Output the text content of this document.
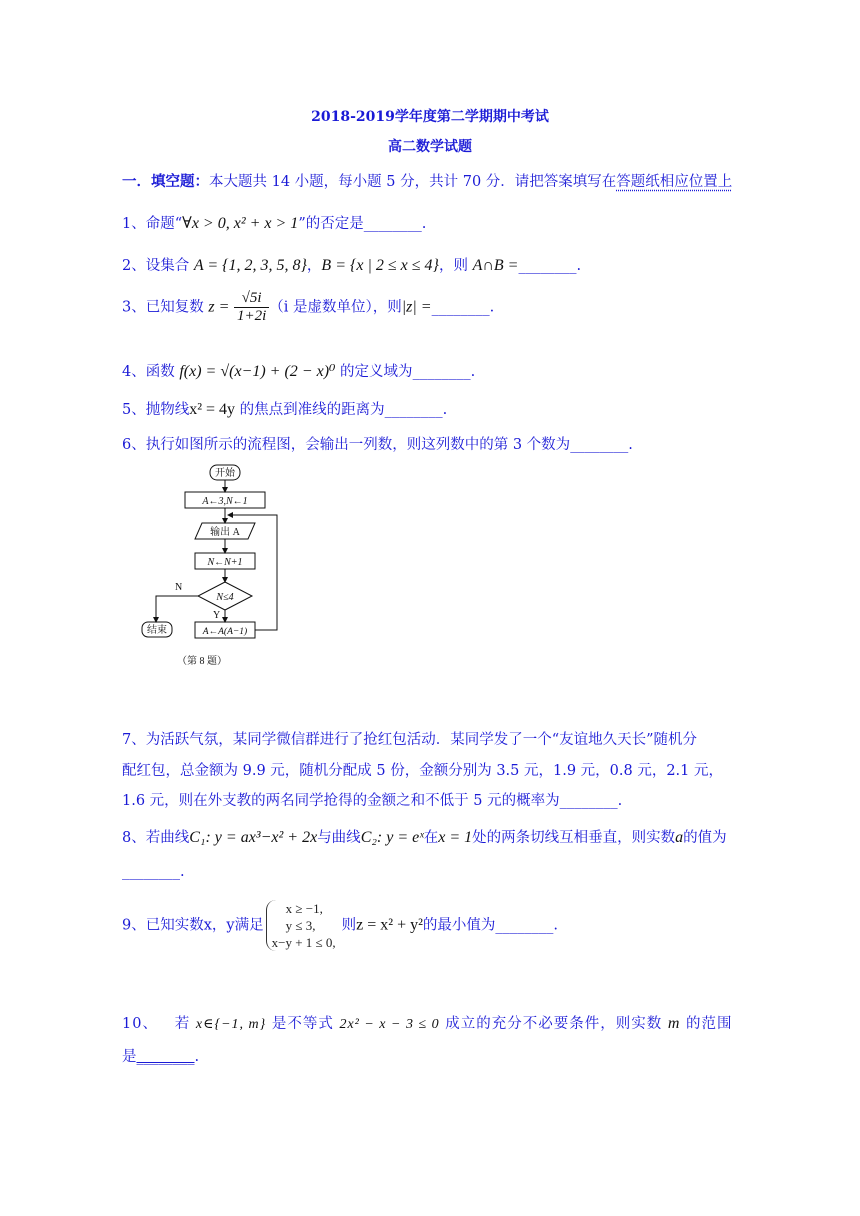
2018-2019学年度第二学期期中考试
高二数学试题
一．填空题：本大题共 14 小题，每小题 5 分，共计 70 分．请把答案填写在答题纸相应位置上
1、命题“∀x > 0, x² + x > 1”的否定是________.
2、设集合 A = {1, 2, 3, 5, 8}，B = {x | 2 ≤ x ≤ 4}，则 A∩B =________.
3、已知复数 $z = \frac{√5i}{1+2i} (i$ 是虚数单位），则|z| =________.
4、函数 f(x) = √(x−1) + (2 − x)⁰ 的定义域为________.
5、抛物线x² = 4y 的焦点到准线的距离为________.
6、执行如图所示的流程图，会输出一列数，则这列数中的第 3 个数为________.
开始
A←3,N←1
输出 A
N←N+1
N≤4
Y
A←A(A−1)
N
结束
（第 8 题）
7、为活跃气氛，某同学微信群进行了抢红包活动．某同学发了一个“友谊地久天长”随机分
配红包，总金额为 9.9 元，随机分配成 5 份，金额分别为 3.5 元，1.9 元，0.8 元，2.1 元，
1.6 元，则在外支教的两名同学抢得的金额之和不低于 5 元的概率为________.
8、若曲线C₁: y = ax³−x² + 2x与曲线C₂: y = eˣ在x = 1处的两条切线互相垂直，则实数a的值为
________.
9、已知实数x，y满足
x ≥ −1,
y ≤ 3,
x−y + 1 ≤ 0,
则z = x² + y²的最小值为________.
10、 若 x∈{−1, m} 是不等式 2x² − x − 3 ≤ 0 成立的充分不必要条件，则实数 m 的范围
是________.
